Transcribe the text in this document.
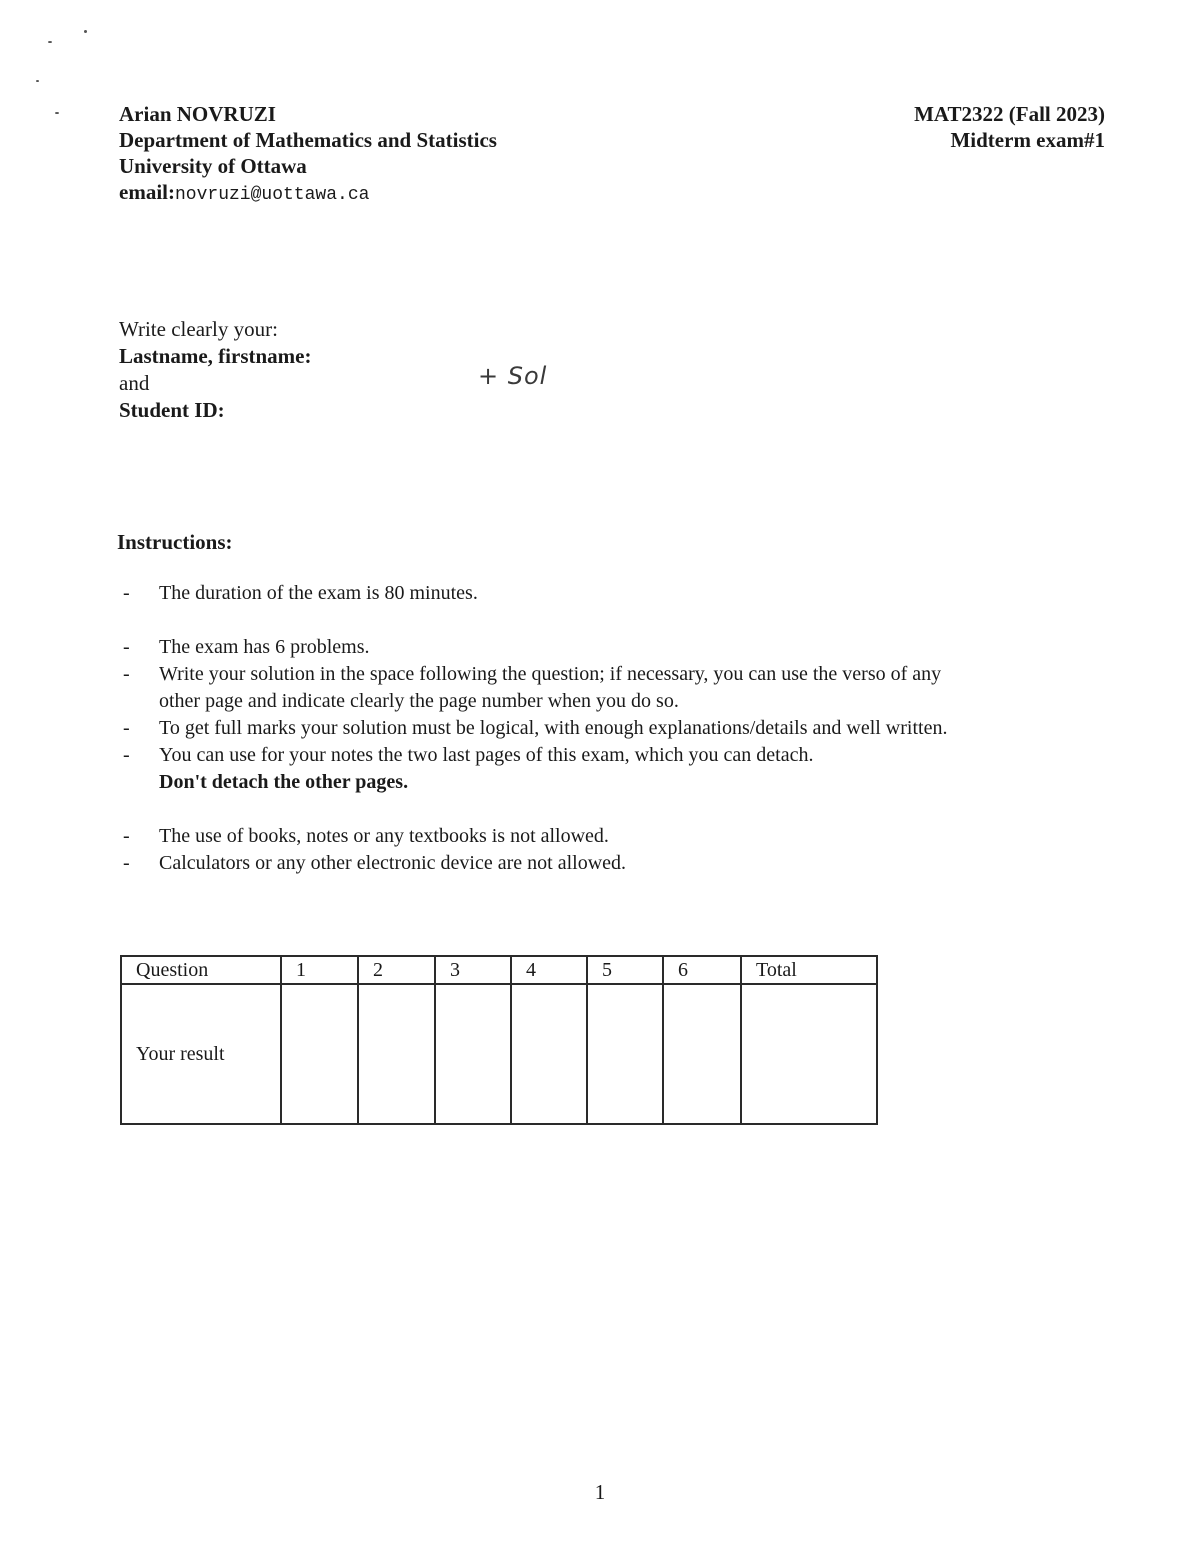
Arian NOVRUZI
Department of Mathematics and Statistics
University of Ottawa
email:novruzi@uottawa.ca
MAT2322 (Fall 2023)
Midterm exam#1
Write clearly your:
Lastname, firstname:
and
Student ID:
+ Sol
Instructions:
- The duration of the exam is 80 minutes.
- The exam has 6 problems.
- Write your solution in the space following the question; if necessary, you can use the verso of any other page and indicate clearly the page number when you do so.
- To get full marks your solution must be logical, with enough explanations/details and well written.
- You can use for your notes the two last pages of this exam, which you can detach.
Don't detach the other pages.
- The use of books, notes or any textbooks is not allowed.
- Calculators or any other electronic device are not allowed.
Question	1	2	3	4	5	6	Total
Your result							
1
